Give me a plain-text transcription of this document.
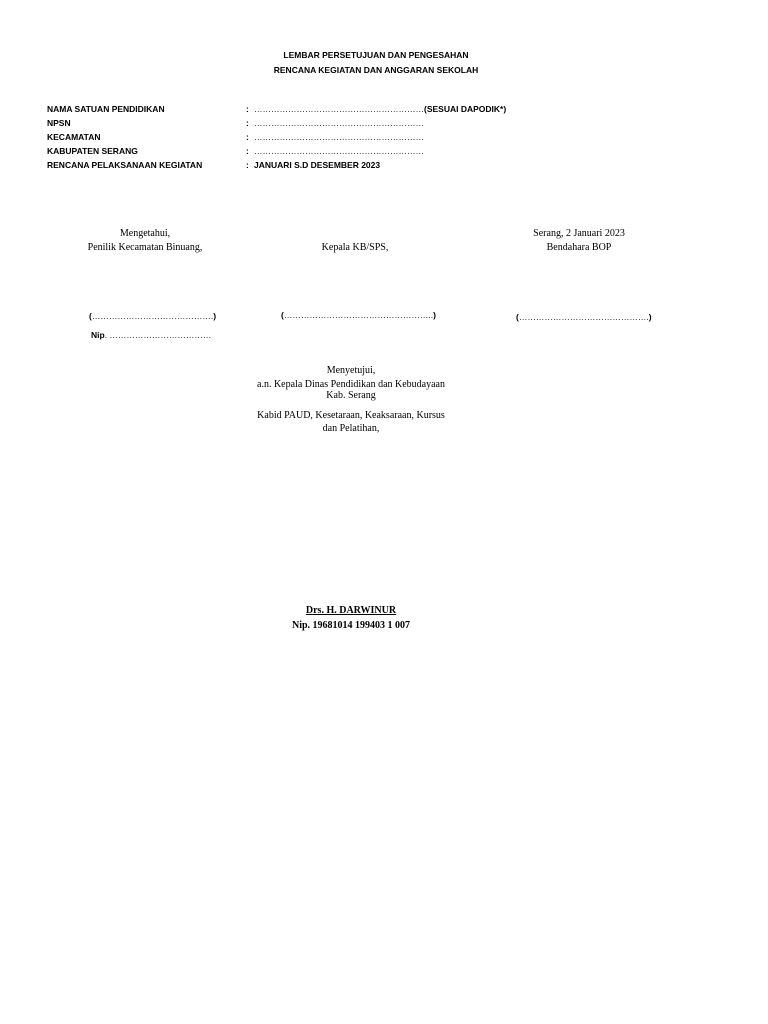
LEMBAR PERSETUJUAN DAN PENGESAHAN
RENCANA KEGIATAN DAN ANGGARAN SEKOLAH
NAMA SATUAN PENDIDIKAN	: ……………………………………………………(SESUAI DAPODIK*)
NPSN	: ……………………………………………………
KECAMATAN	: ……………………………………………………
KABUPATEN SERANG	: ……………………………………………………
RENCANA PELAKSANAAN KEGIATAN	: JANUARI S.D DESEMBER 2023
Mengetahui,
Penilik Kecamatan Binuang,
(…………………………………….)
Nip. ………………………………
Kepala KB/SPS,
(……………………………………………..)
Serang, 2 Januari 2023
Bendahara BOP
(……………………………………….)
Menyetujui,
a.n. Kepala Dinas Pendidikan dan Kebudayaan
Kab. Serang
Kabid PAUD, Kesetaraan, Keaksaraan, Kursus
dan Pelatihan,
Drs. H. DARWINUR
Nip. 19681014 199403 1 007
